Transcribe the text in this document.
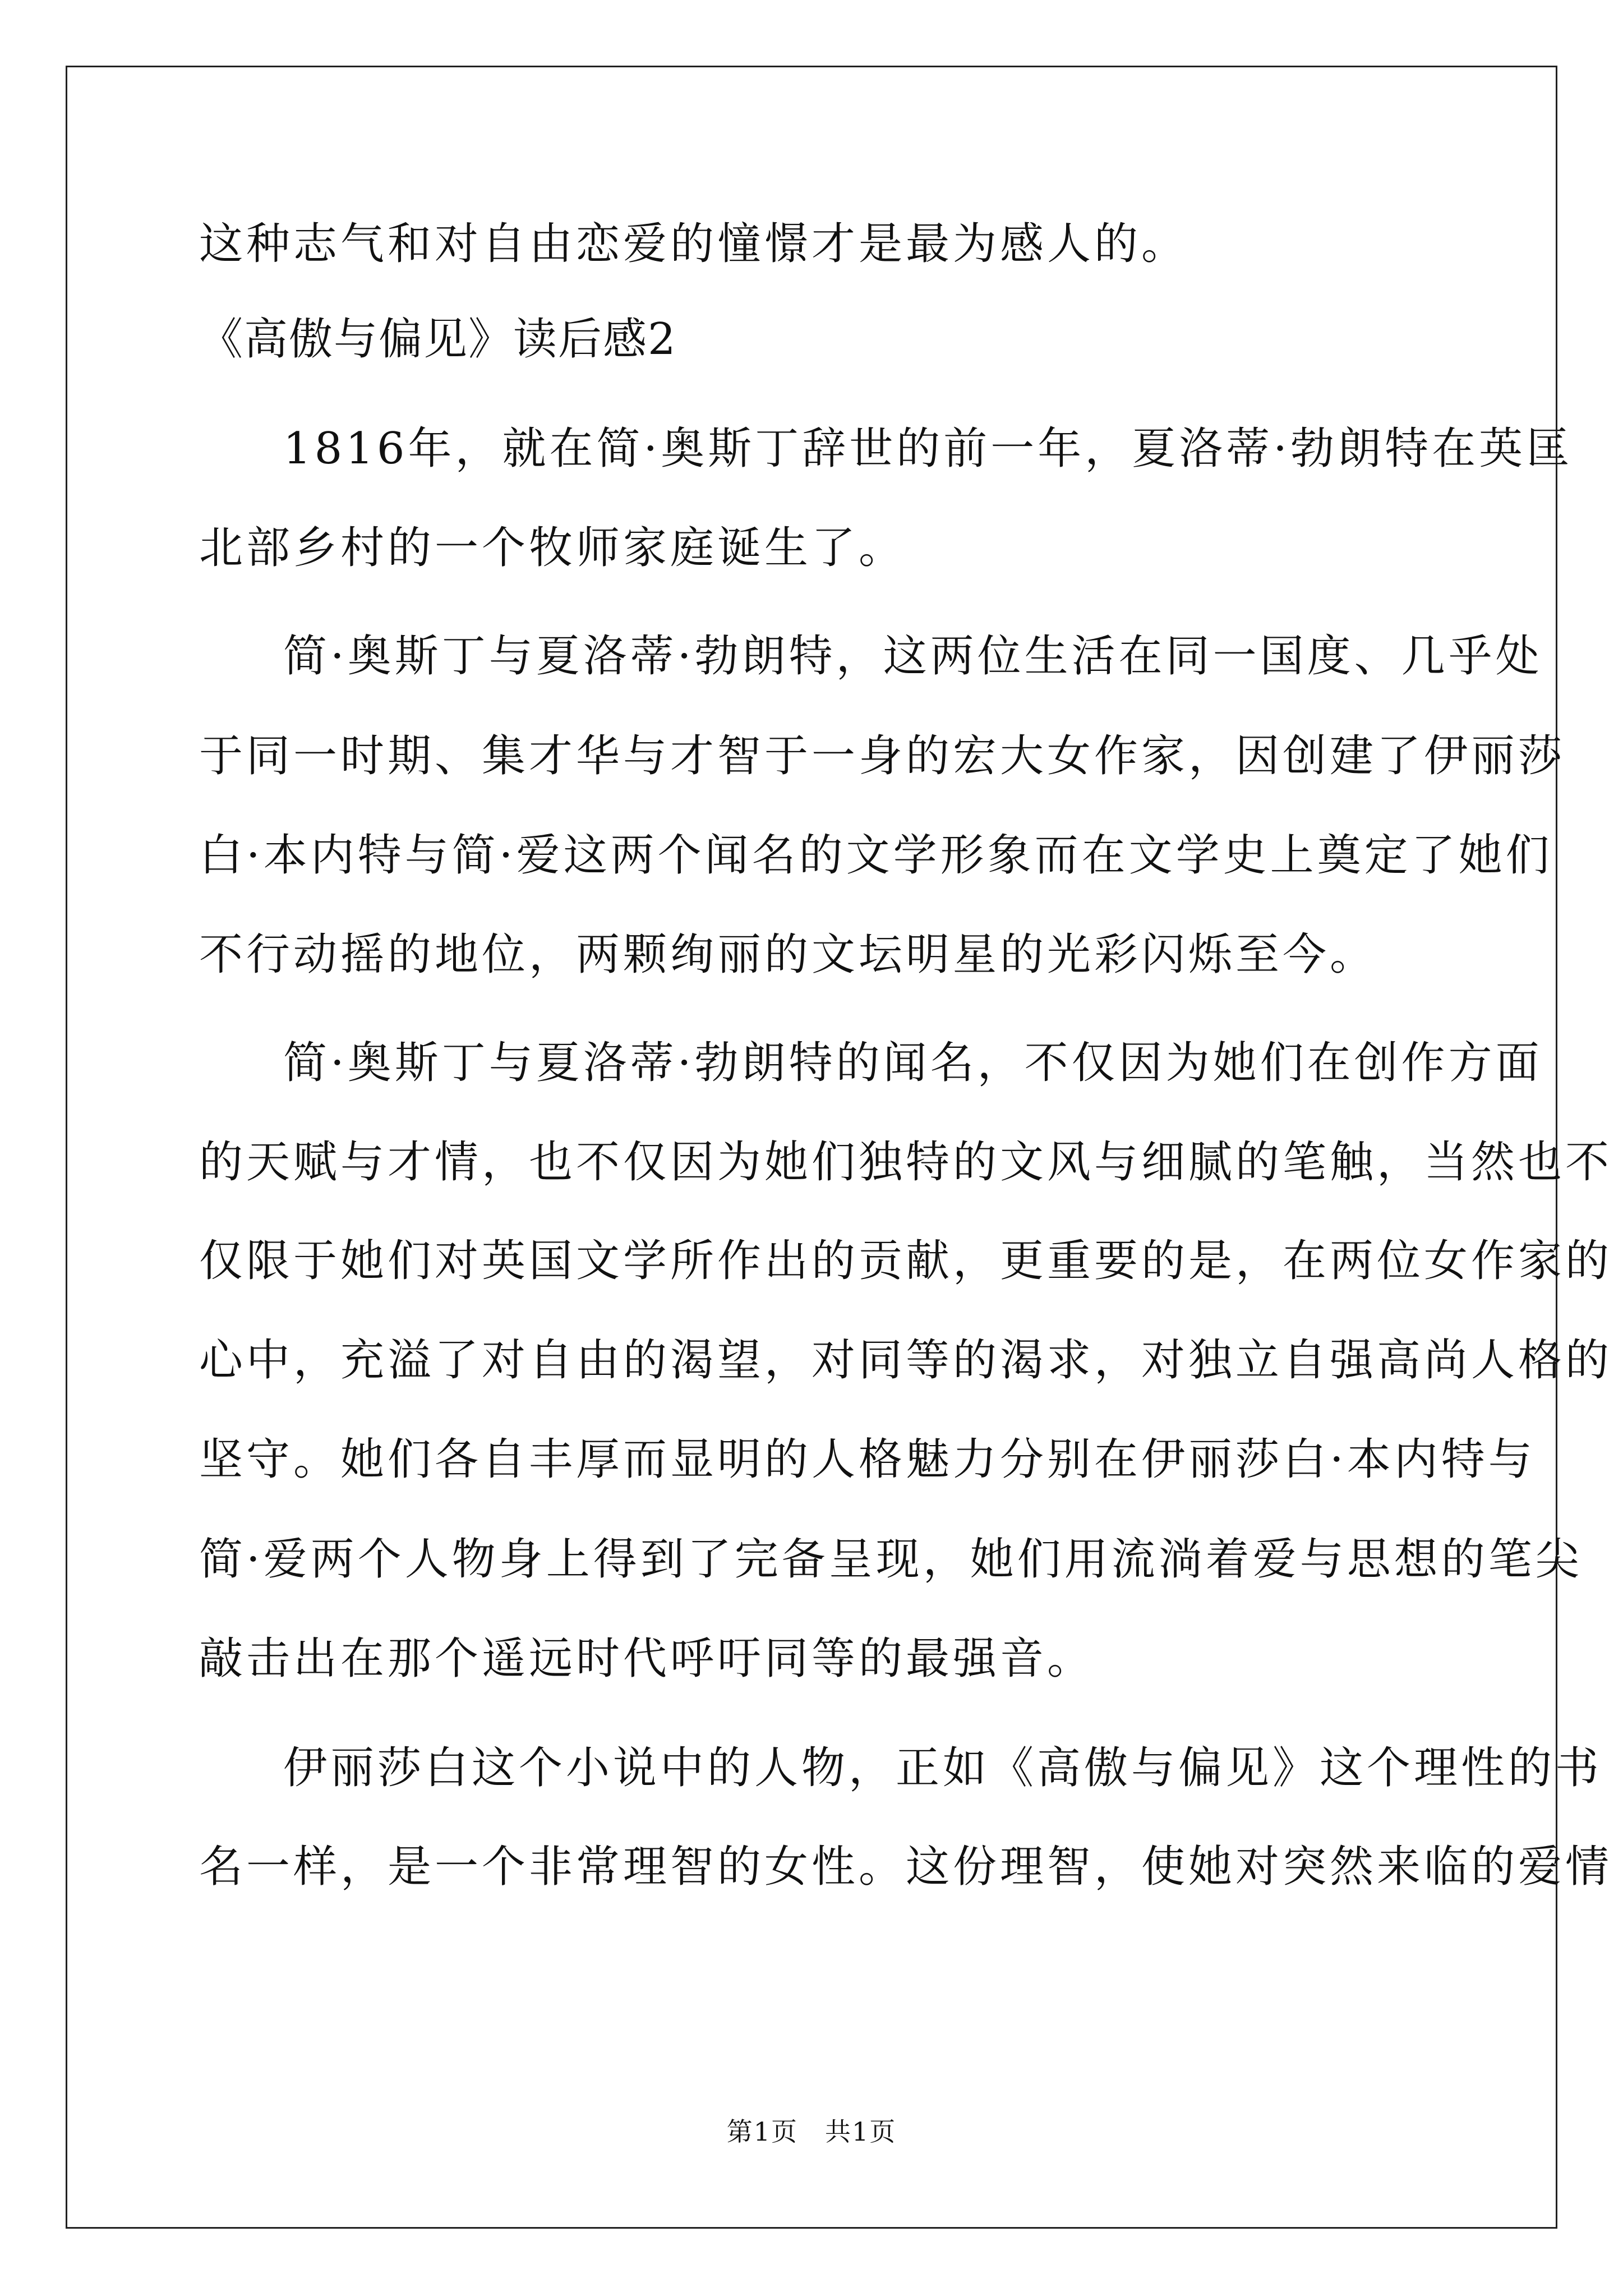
这种志气和对自由恋爱的憧憬才是最为感人的。
《高傲与偏见》读后感2
1816年，就在简·奥斯丁辞世的前一年，夏洛蒂·勃朗特在英匡
北部乡村的一个牧师家庭诞生了。
简·奥斯丁与夏洛蒂·勃朗特，这两位生活在同一国度、几乎处
于同一时期、集才华与才智于一身的宏大女作家，因创建了伊丽莎
白·本内特与简·爱这两个闻名的文学形象而在文学史上奠定了她们
不行动摇的地位，两颗绚丽的文坛明星的光彩闪烁至今。
简·奥斯丁与夏洛蒂·勃朗特的闻名，不仅因为她们在创作方面
的天赋与才情，也不仅因为她们独特的文风与细腻的笔触，当然也不
仅限于她们对英国文学所作出的贡献，更重要的是，在两位女作家的
心中，充溢了对自由的渴望，对同等的渴求，对独立自强高尚人格的
坚守。她们各自丰厚而显明的人格魅力分别在伊丽莎白·本内特与
简·爱两个人物身上得到了完备呈现，她们用流淌着爱与思想的笔尖
敲击出在那个遥远时代呼吁同等的最强音。
伊丽莎白这个小说中的人物，正如《高傲与偏见》这个理性的书
名一样，是一个非常理智的女性。这份理智，使她对突然来临的爱情
第1页　共1页
